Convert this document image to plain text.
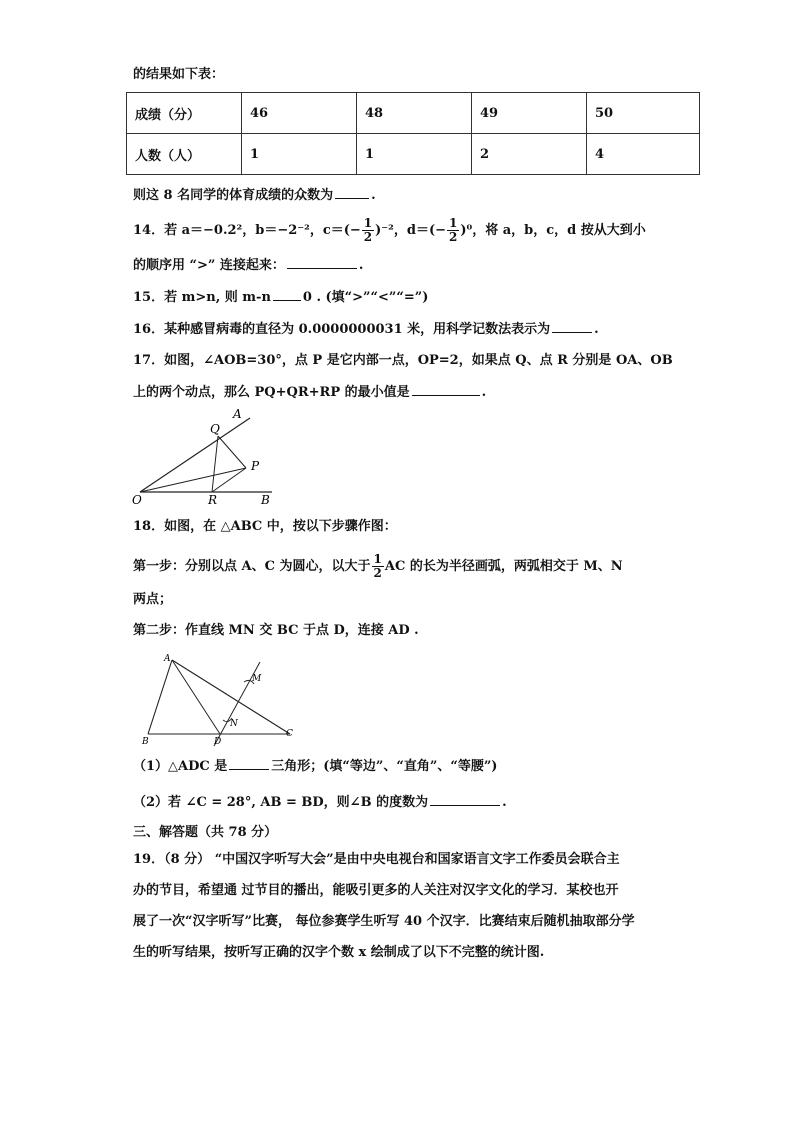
的结果如下表：
成绩（分）	46	48	49	50
人数（人）	1	1	2	4
则这 8 名同学的体育成绩的众数为	.
14．若 a＝−0.2²，b＝−2⁻²，$c=(- \frac{1}{2} )^{-2}$，$d=(- \frac{1}{2} )^0$，将 a，b，c，d 按从大到小
的顺序用 “>” 连接起来：	.
15．若 m>n, 则 m-n 0 . (填“>”“<”“=”)
16．某种感冒病毒的直径为 0.0000000031 米，用科学记数法表示为	.
17．如图，∠AOB=30°，点 P 是它内部一点，OP=2，如果点 Q、点 R 分别是 OA、OB
上的两个动点，那么 PQ+QR+RP 的最小值是	.
A
Q
P
O	R	B
18．如图，在 △ABC 中，按以下步骤作图：
第一步：分别以点 A、C 为圆心，以大于 $\frac{1}{2}$ AC 的长为半径画弧，两弧相交于 M、N
两点；
第二步：作直线 MN 交 BC 于点 D，连接 AD .
A
M
N
B	D
C
（1）△ADC 是	三角形；(填“等边”、“直角”、“等腰”)
（2）若 ∠C = 28°, AB = BD，则∠B 的度数为	.
三、解答题（共 78 分）
19．（8 分） “中国汉字听写大会”是由中央电视台和国家语言文字工作委员会联合主
办的节目，希望通 过节目的播出，能吸引更多的人关注对汉字文化的学习．某校也开
展了一次“汉字听写”比赛， 每位参赛学生听写 40 个汉字．比赛结束后随机抽取部分学
生的听写结果，按听写正确的汉字个数 x 绘制成了以下不完整的统计图.
